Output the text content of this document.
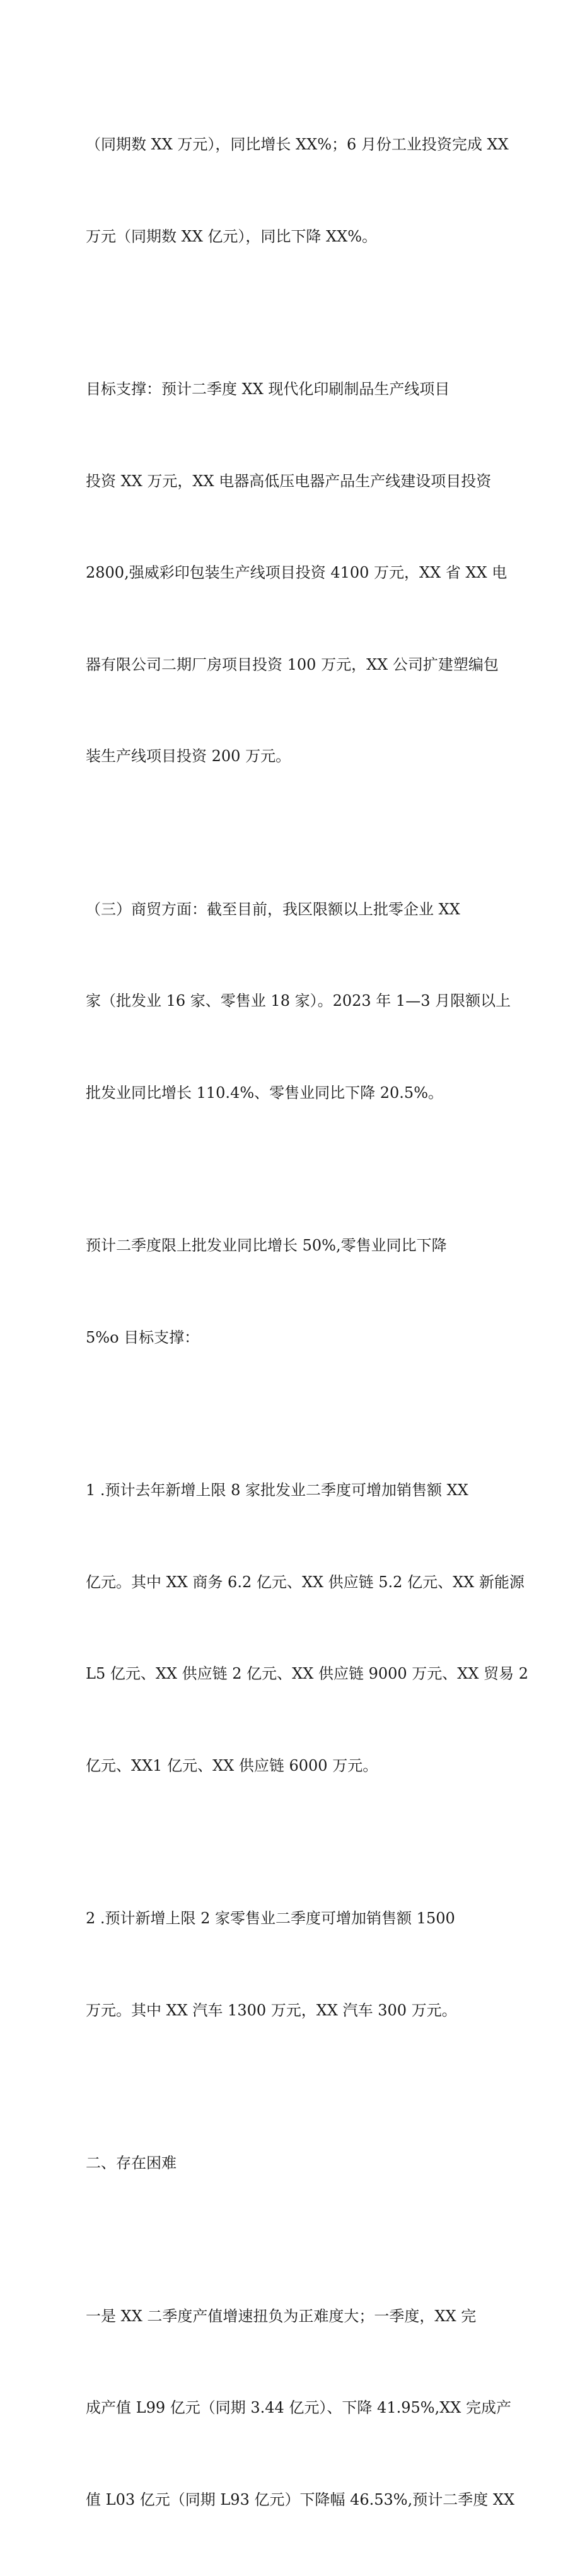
（同期数 XX 万元），同比增长 XX%；6 月份工业投资完成 XX

万元（同期数 XX 亿元），同比下降 XX%。

目标支撑：预计二季度 XX 现代化印刷制品生产线项目

投资 XX 万元，XX 电器高低压电器产品生产线建设项目投资

2800,强威彩印包装生产线项目投资 4100 万元，XX 省 XX 电

器有限公司二期厂房项目投资 100 万元，XX 公司扩建塑编包

装生产线项目投资 200 万元。

（三）商贸方面：截至目前，我区限额以上批零企业 XX

家（批发业 16 家、零售业 18 家）。2023 年 1—3 月限额以上

批发业同比增长 110.4%、零售业同比下降 20.5%。

预计二季度限上批发业同比增长 50%,零售业同比下降

5%o 目标支撑：

1 .预计去年新增上限 8 家批发业二季度可增加销售额 XX

亿元。其中 XX 商务 6.2 亿元、XX 供应链 5.2 亿元、XX 新能源

L5 亿元、XX 供应链 2 亿元、XX 供应链 9000 万元、XX 贸易 2

亿元、XX1 亿元、XX 供应链 6000 万元。

2 .预计新增上限 2 家零售业二季度可增加销售额 1500

万元。其中 XX 汽车 1300 万元，XX 汽车 300 万元。

二、存在困难

一是 XX 二季度产值增速扭负为正难度大；一季度，XX 完

成产值 L99 亿元（同期 3.44 亿元）、下降 41.95%,XX 完成产

值 L03 亿元（同期 L93 亿元）下降幅 46.53%,预计二季度 XX
